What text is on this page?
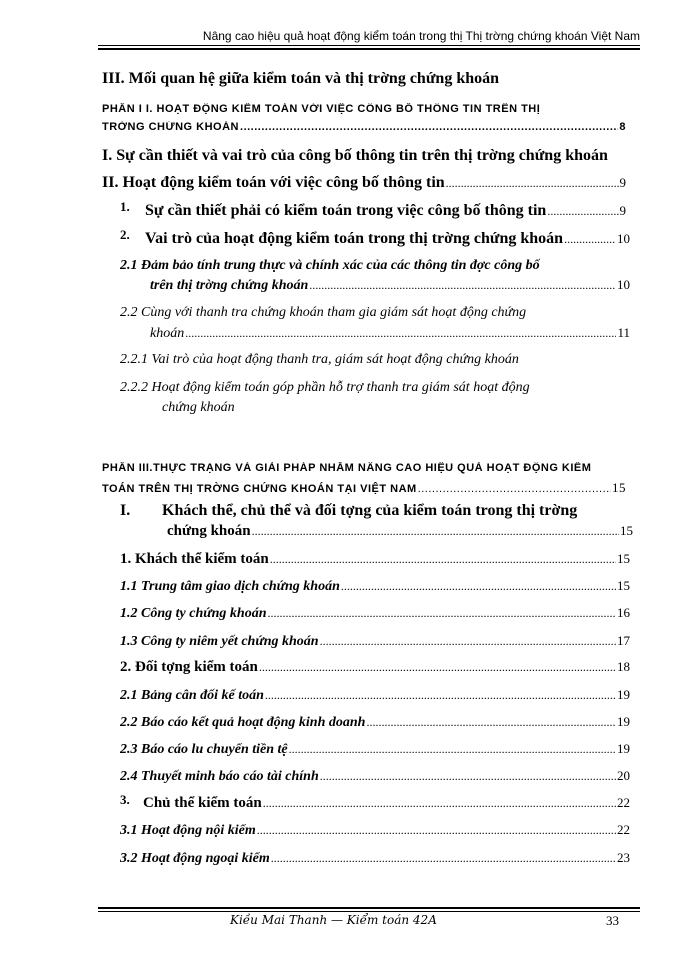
Nâng cao hiệu quả hoạt động kiểm toán trong thị Thị trờng chứng khoán Việt Nam
III. Mối quan hệ giữa kiểm toán và thị trờng chứng khoán
PHẦN I I. HOẠT ĐỘNG KIỂM TOÁN VỚI VIỆC CÔNG BỐ THÔNG TIN TRÊN THỊ
TRỜNG CHỨNG KHOÁN .....	8
I. Sự cần thiết và vai trò của công bố thông tin trên thị trờng chứng khoán
II. Hoạt động kiểm toán với việc công bố thông tin .....	9
1. Sự cần thiết phải có kiểm toán trong việc công bố thông tin .....	9
2. Vai trò của hoạt động kiểm toán trong thị trờng chứng khoán .....	10
2.1 Đảm bảo tính trung thực và chính xác của các thông tin đợc công bố
trên thị trờng chứng khoán .....	10
2.2 Cùng với thanh tra chứng khoán tham gia giám sát hoạt động chứng
khoán .....	11
2.2.1 Vai trò của hoạt động thanh tra, giám sát hoạt động chứng khoán
2.2.2 Hoạt động kiểm toán góp phần hỗ trợ thanh tra giám sát hoạt động
chứng khoán
PHẦN III.THỰC TRẠNG VÀ GIẢI PHÁP NHẰM NÂNG CAO HIỆU QUẢ HOẠT ĐỘNG KIỂM
TOÁN TRÊN THỊ TRỜNG CHỨNG KHOÁN TẠI VIỆT NAM .....	15
I. Khách thể, chủ thể và đối tợng của kiểm toán trong thị trờng
chứng khoán .....	15
1. Khách thể kiểm toán .....	15
1.1 Trung tâm giao dịch chứng khoán .....	15
1.2 Công ty chứng khoán .....	16
1.3 Công ty niêm yết chứng khoán .....	17
2. Đối tợng kiểm toán .....	18
2.1 Bảng cân đối kế toán .....	19
2.2 Báo cáo kết quả hoạt động kinh doanh .....	19
2.3 Báo cáo lu chuyển tiền tệ .....	19
2.4 Thuyết minh báo cáo tài chính .....	20
3. Chủ thể kiểm toán .....	22
3.1 Hoạt động nội kiểm .....	22
3.2 Hoạt động ngoại kiểm .....	23
Kiều Mai Thanh — Kiểm toán 42A	33
